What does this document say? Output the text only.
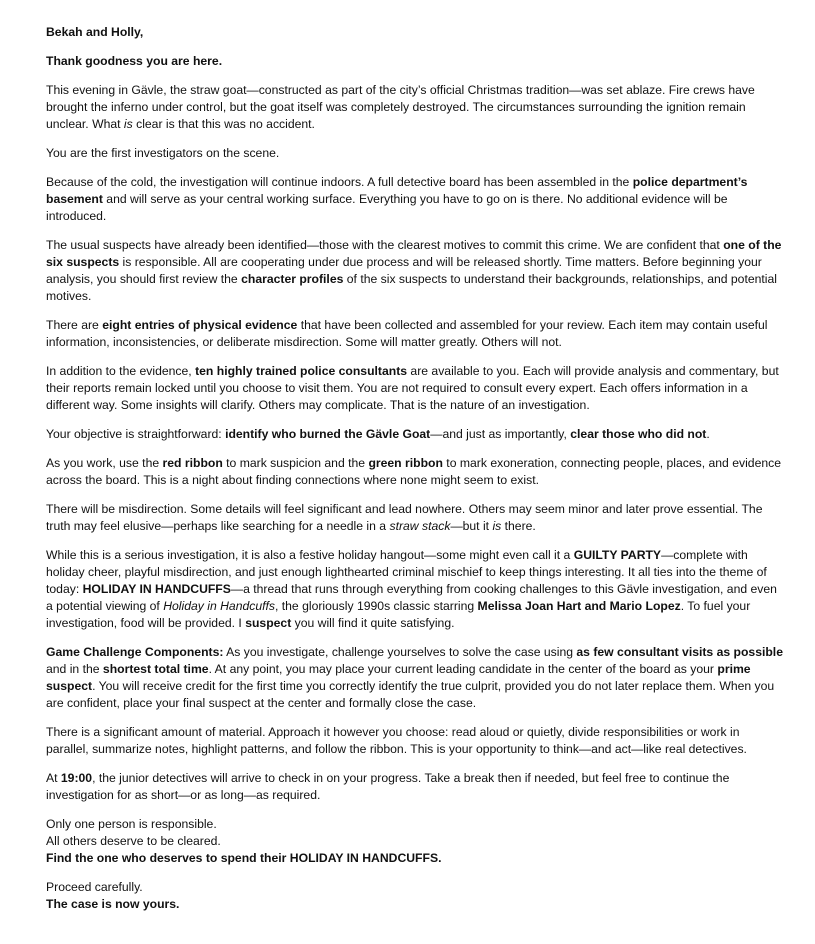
Bekah and Holly,

Thank goodness you are here.

This evening in Gävle, the straw goat—constructed as part of the city’s official Christmas tradition—was set ablaze. Fire crews have brought the inferno under control, but the goat itself was completely destroyed. The circumstances surrounding the ignition remain unclear. What is clear is that this was no accident.

You are the first investigators on the scene.

Because of the cold, the investigation will continue indoors. A full detective board has been assembled in the police department’s basement and will serve as your central working surface. Everything you have to go on is there. No additional evidence will be introduced.

The usual suspects have already been identified—those with the clearest motives to commit this crime. We are confident that one of the six suspects is responsible. All are cooperating under due process and will be released shortly. Time matters. Before beginning your analysis, you should first review the character profiles of the six suspects to understand their backgrounds, relationships, and potential motives.

There are eight entries of physical evidence that have been collected and assembled for your review. Each item may contain useful information, inconsistencies, or deliberate misdirection. Some will matter greatly. Others will not.

In addition to the evidence, ten highly trained police consultants are available to you. Each will provide analysis and commentary, but their reports remain locked until you choose to visit them. You are not required to consult every expert. Each offers information in a different way. Some insights will clarify. Others may complicate. That is the nature of an investigation.

Your objective is straightforward: identify who burned the Gävle Goat—and just as importantly, clear those who did not.

As you work, use the red ribbon to mark suspicion and the green ribbon to mark exoneration, connecting people, places, and evidence across the board. This is a night about finding connections where none might seem to exist.

There will be misdirection. Some details will feel significant and lead nowhere. Others may seem minor and later prove essential. The truth may feel elusive—perhaps like searching for a needle in a straw stack—but it is there.

While this is a serious investigation, it is also a festive holiday hangout—some might even call it a GUILTY PARTY—complete with holiday cheer, playful misdirection, and just enough lighthearted criminal mischief to keep things interesting. It all ties into the theme of today: HOLIDAY IN HANDCUFFS—a thread that runs through everything from cooking challenges to this Gävle investigation, and even a potential viewing of Holiday in Handcuffs, the gloriously 1990s classic starring Melissa Joan Hart and Mario Lopez. To fuel your investigation, food will be provided. I suspect you will find it quite satisfying.

Game Challenge Components: As you investigate, challenge yourselves to solve the case using as few consultant visits as possible and in the shortest total time. At any point, you may place your current leading candidate in the center of the board as your prime suspect. You will receive credit for the first time you correctly identify the true culprit, provided you do not later replace them. When you are confident, place your final suspect at the center and formally close the case.

There is a significant amount of material. Approach it however you choose: read aloud or quietly, divide responsibilities or work in parallel, summarize notes, highlight patterns, and follow the ribbon. This is your opportunity to think—and act—like real detectives.

At 19:00, the junior detectives will arrive to check in on your progress. Take a break then if needed, but feel free to continue the investigation for as short—or as long—as required.

Only one person is responsible.
All others deserve to be cleared.
Find the one who deserves to spend their HOLIDAY IN HANDCUFFS.

Proceed carefully.
The case is now yours.
